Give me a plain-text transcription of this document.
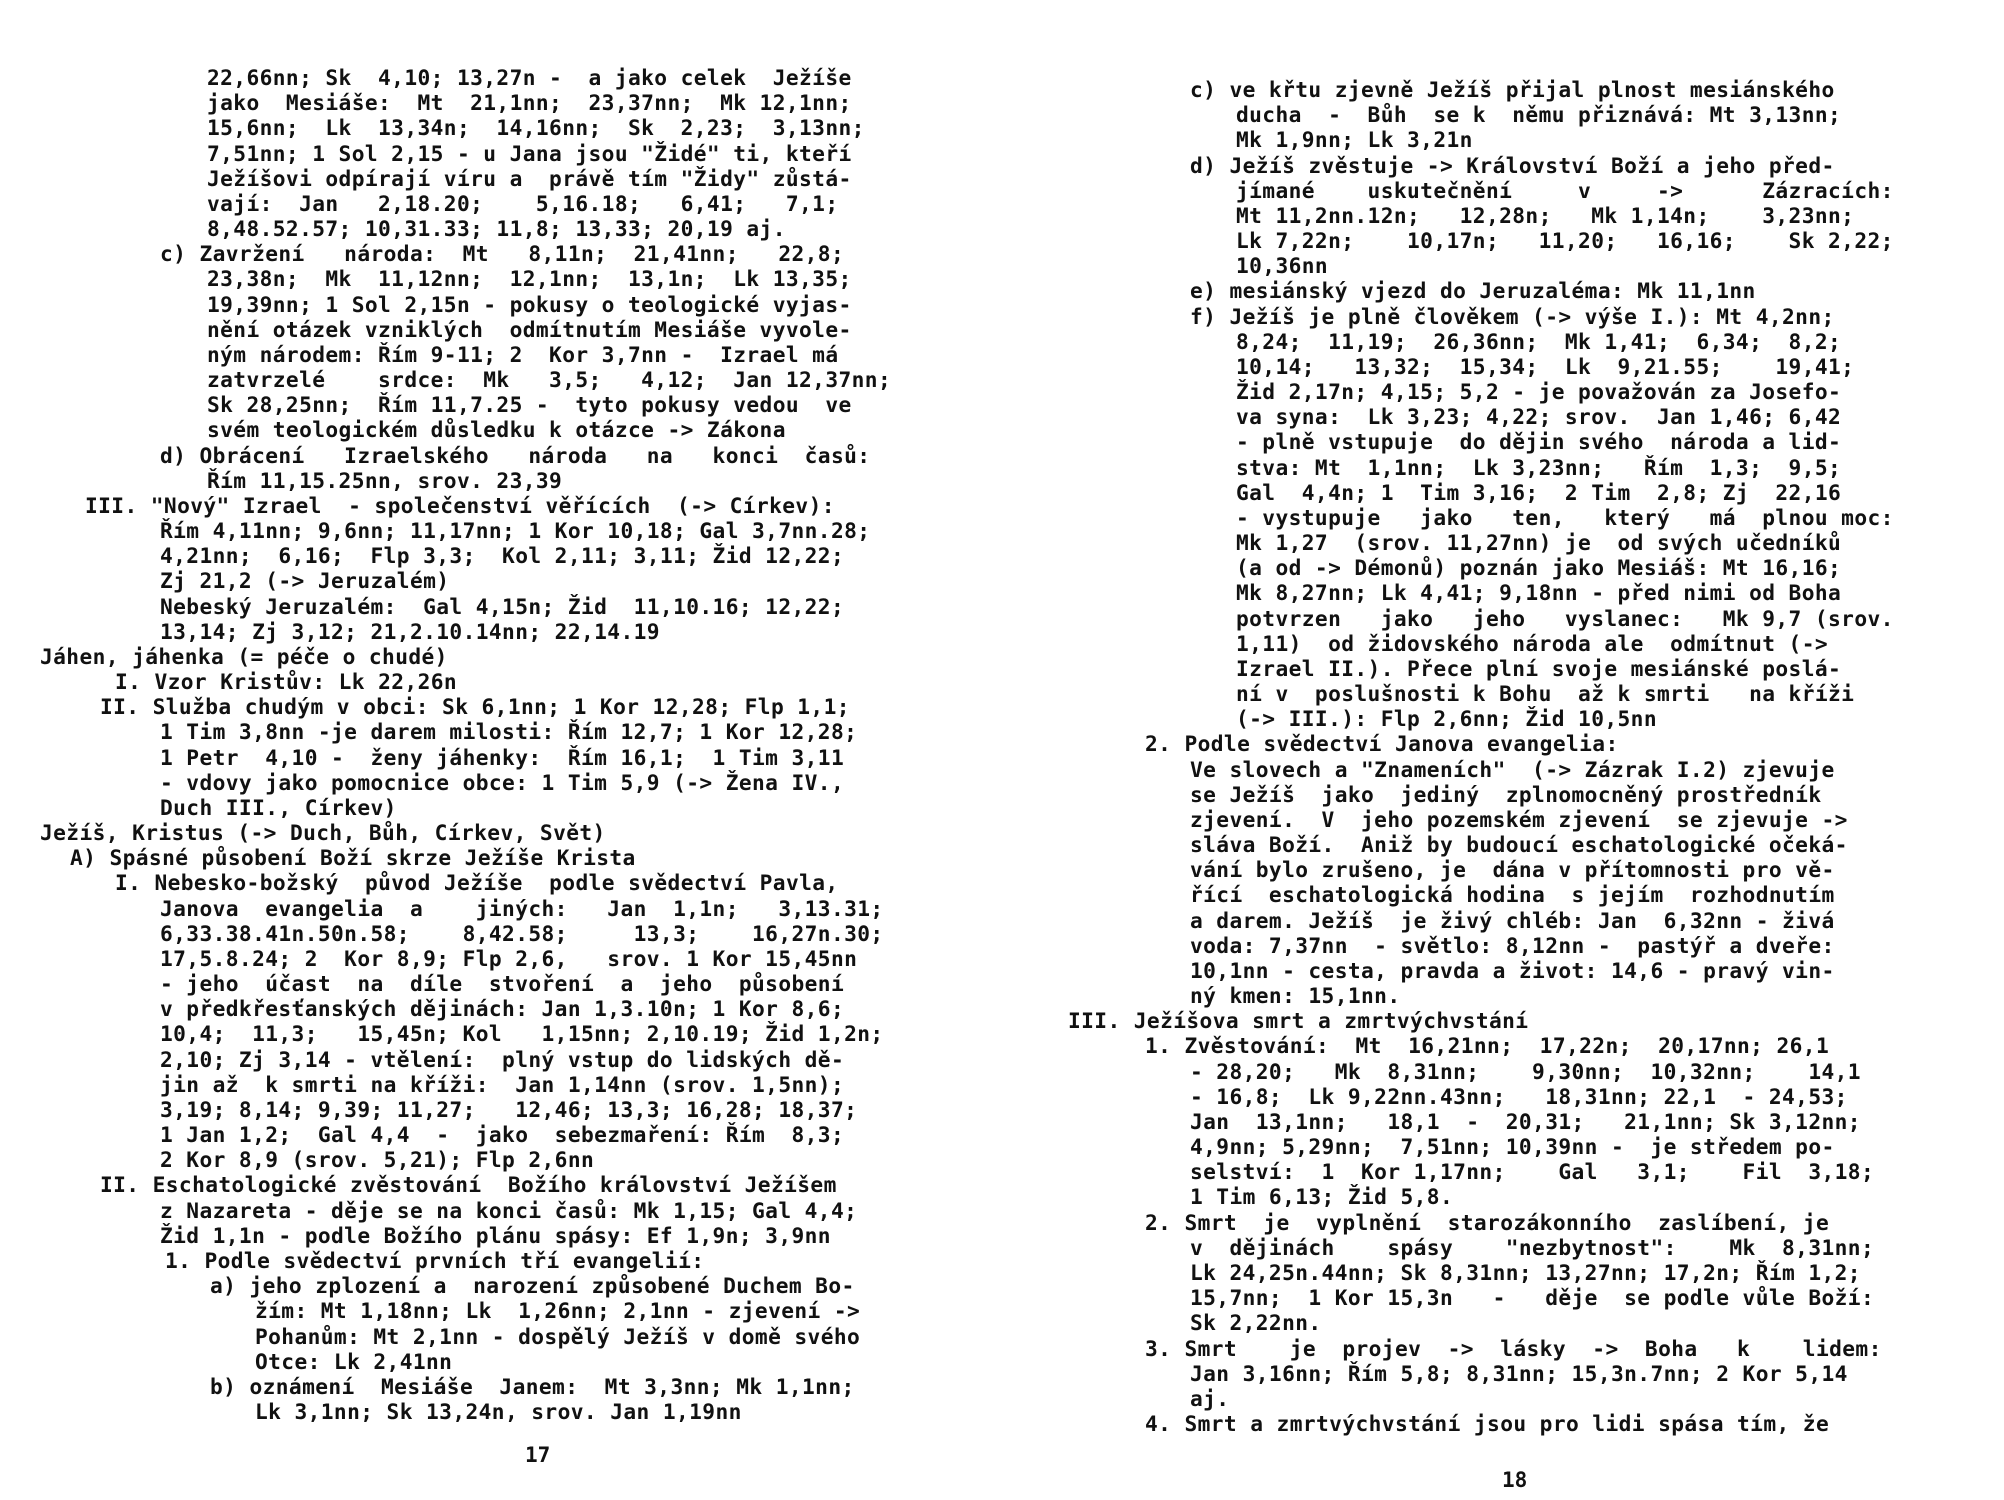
22,66nn; Sk  4,10; 13,27n -  a jako celek  Ježíše
jako  Mesiáše:  Mt  21,1nn;  23,37nn;  Mk 12,1nn;
15,6nn;  Lk  13,34n;  14,16nn;  Sk  2,23;  3,13nn;
7,51nn; 1 Sol 2,15 - u Jana jsou "Židé" ti, kteří
Ježíšovi odpírají víru a  právě tím "Židy" zůstá-
vají:  Jan   2,18.20;    5,16.18;   6,41;   7,1;
8,48.52.57; 10,31.33; 11,8; 13,33; 20,19 aj.
c) Zavržení   národa:  Mt   8,11n;  21,41nn;   22,8;
23,38n;  Mk  11,12nn;  12,1nn;  13,1n;  Lk 13,35;
19,39nn; 1 Sol 2,15n - pokusy o teologické vyjas-
nění otázek vzniklých  odmítnutím Mesiáše vyvole-
ným národem: Řím 9-11; 2  Kor 3,7nn -  Izrael má
zatvrzelé    srdce:  Mk   3,5;   4,12;  Jan 12,37nn;
Sk 28,25nn;  Řím 11,7.25 -  tyto pokusy vedou  ve
svém teologickém důsledku k otázce -> Zákona
d) Obrácení   Izraelského   národa   na   konci  časů:
Řím 11,15.25nn, srov. 23,39
III. "Nový" Izrael  - společenství věřících  (-> Církev):
Řím 4,11nn; 9,6nn; 11,17nn; 1 Kor 10,18; Gal 3,7nn.28;
4,21nn;  6,16;  Flp 3,3;  Kol 2,11; 3,11; Žid 12,22;
Zj 21,2 (-> Jeruzalém)
Nebeský Jeruzalém:  Gal 4,15n; Žid  11,10.16; 12,22;
13,14; Zj 3,12; 21,2.10.14nn; 22,14.19
Jáhen, jáhenka (= péče o chudé)
I. Vzor Kristův: Lk 22,26n
II. Služba chudým v obci: Sk 6,1nn; 1 Kor 12,28; Flp 1,1;
1 Tim 3,8nn -je darem milosti: Řím 12,7; 1 Kor 12,28;
1 Petr  4,10 -  ženy jáhenky:  Řím 16,1;  1 Tim 3,11
- vdovy jako pomocnice obce: 1 Tim 5,9 (-> Žena IV.,
Duch III., Církev)
Ježíš, Kristus (-> Duch, Bůh, Církev, Svět)
A) Spásné působení Boží skrze Ježíše Krista
I. Nebesko-božský  původ Ježíše  podle svědectví Pavla,
Janova  evangelia  a    jiných:   Jan  1,1n;   3,13.31;
6,33.38.41n.50n.58;    8,42.58;     13,3;    16,27n.30;
17,5.8.24; 2  Kor 8,9; Flp 2,6,   srov. 1 Kor 15,45nn
- jeho  účast  na  díle  stvoření  a  jeho  působení
v předkřesťanských dějinách: Jan 1,3.10n; 1 Kor 8,6;
10,4;  11,3;   15,45n; Kol   1,15nn; 2,10.19; Žid 1,2n;
2,10; Zj 3,14 - vtělení:  plný vstup do lidských dě-
jin až  k smrti na kříži:  Jan 1,14nn (srov. 1,5nn);
3,19; 8,14; 9,39; 11,27;   12,46; 13,3; 16,28; 18,37;
1 Jan 1,2;  Gal 4,4  -  jako  sebezmaření: Řím  8,3;
2 Kor 8,9 (srov. 5,21); Flp 2,6nn
II. Eschatologické zvěstování  Božího království Ježíšem
z Nazareta - děje se na konci časů: Mk 1,15; Gal 4,4;
Žid 1,1n - podle Božího plánu spásy: Ef 1,9n; 3,9nn
1. Podle svědectví prvních tří evangelií:
a) jeho zplození a  narození způsobené Duchem Bo-
žím: Mt 1,18nn; Lk  1,26nn; 2,1nn - zjevení ->
Pohanům: Mt 2,1nn - dospělý Ježíš v domě svého
Otce: Lk 2,41nn
b) oznámení  Mesiáše  Janem:  Mt 3,3nn; Mk 1,1nn;
Lk 3,1nn; Sk 13,24n, srov. Jan 1,19nn
17
c) ve křtu zjevně Ježíš přijal plnost mesiánského
ducha  -  Bůh  se k  němu přiznává: Mt 3,13nn;
Mk 1,9nn; Lk 3,21n
d) Ježíš zvěstuje -> Království Boží a jeho před-
jímané    uskutečnění     v     ->      Zázracích:
Mt 11,2nn.12n;   12,28n;   Mk 1,14n;    3,23nn;
Lk 7,22n;    10,17n;   11,20;   16,16;    Sk 2,22;
10,36nn
e) mesiánský vjezd do Jeruzaléma: Mk 11,1nn
f) Ježíš je plně člověkem (-> výše I.): Mt 4,2nn;
8,24;  11,19;  26,36nn;  Mk 1,41;  6,34;  8,2;
10,14;   13,32;  15,34;  Lk  9,21.55;    19,41;
Žid 2,17n; 4,15; 5,2 - je považován za Josefo-
va syna:  Lk 3,23; 4,22; srov.  Jan 1,46; 6,42
- plně vstupuje  do dějin svého  národa a lid-
stva: Mt  1,1nn;  Lk 3,23nn;   Řím  1,3;  9,5;
Gal  4,4n; 1  Tim 3,16;  2 Tim  2,8; Zj  22,16
- vystupuje   jako   ten,   který   má  plnou moc:
Mk 1,27  (srov. 11,27nn) je  od svých učedníků
(a od -> Démonů) poznán jako Mesiáš: Mt 16,16;
Mk 8,27nn; Lk 4,41; 9,18nn - před nimi od Boha
potvrzen   jako   jeho   vyslanec:   Mk 9,7 (srov.
1,11)  od židovského národa ale  odmítnut (->
Izrael II.). Přece plní svoje mesiánské poslá-
ní v  poslušnosti k Bohu  až k smrti   na kříži
(-> III.): Flp 2,6nn; Žid 10,5nn
2. Podle svědectví Janova evangelia:
Ve slovech a "Znameních"  (-> Zázrak I.2) zjevuje
se Ježíš  jako  jediný  zplnomocněný prostředník
zjevení.  V  jeho pozemském zjevení  se zjevuje ->
sláva Boží.  Aniž by budoucí eschatologické očeká-
vání bylo zrušeno, je  dána v přítomnosti pro vě-
řící  eschatologická hodina  s jejím  rozhodnutím
a darem. Ježíš  je živý chléb: Jan  6,32nn - živá
voda: 7,37nn  - světlo: 8,12nn -  pastýř a dveře:
10,1nn - cesta, pravda a život: 14,6 - pravý vin-
ný kmen: 15,1nn.
III. Ježíšova smrt a zmrtvýchvstání
1. Zvěstování:  Mt  16,21nn;  17,22n;  20,17nn; 26,1
- 28,20;   Mk  8,31nn;    9,30nn;  10,32nn;    14,1
- 16,8;  Lk 9,22nn.43nn;   18,31nn; 22,1  - 24,53;
Jan  13,1nn;   18,1  -  20,31;   21,1nn; Sk 3,12nn;
4,9nn; 5,29nn;  7,51nn; 10,39nn -  je středem po-
selství:  1  Kor 1,17nn;    Gal   3,1;    Fil  3,18;
1 Tim 6,13; Žid 5,8.
2. Smrt  je  vyplnění  starozákonního  zaslíbení, je
v  dějinách    spásy    "nezbytnost":    Mk  8,31nn;
Lk 24,25n.44nn; Sk 8,31nn; 13,27nn; 17,2n; Řím 1,2;
15,7nn;  1 Kor 15,3n   -   děje  se podle vůle Boží:
Sk 2,22nn.
3. Smrt    je  projev  ->  lásky  ->  Boha   k    lidem:
Jan 3,16nn; Řím 5,8; 8,31nn; 15,3n.7nn; 2 Kor 5,14
aj.
4. Smrt a zmrtvýchvstání jsou pro lidi spása tím, že
18
